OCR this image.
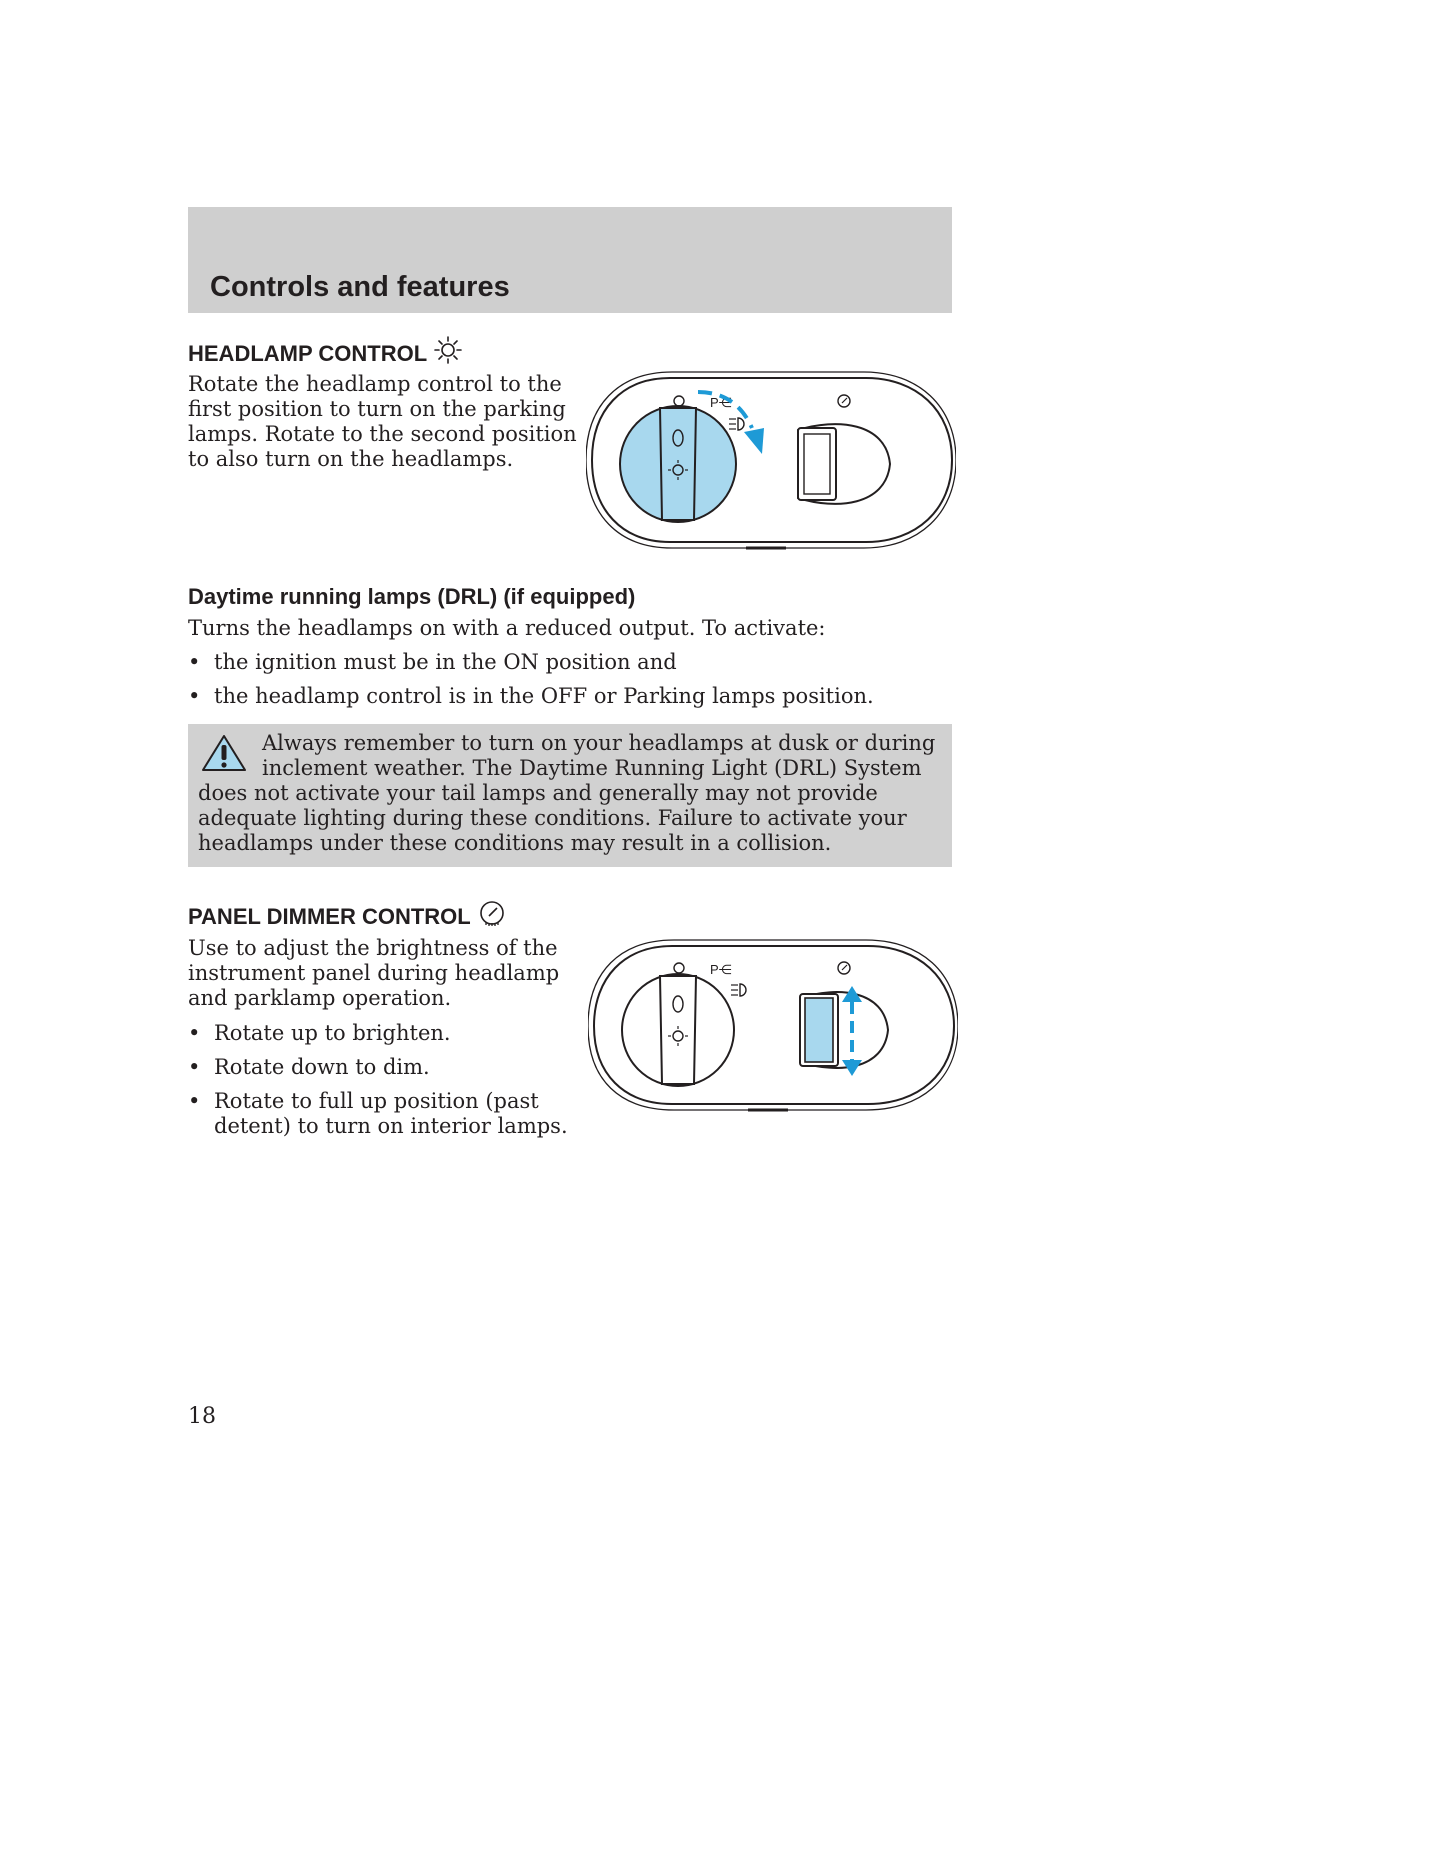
Controls and features
HEADLAMP CONTROL
Rotate the headlamp control to the
first position to turn on the parking
lamps. Rotate to the second position
to also turn on the headlamps.
P⋲
Daytime running lamps (DRL) (if equipped)
Turns the headlamps on with a reduced output. To activate:
• the ignition must be in the ON position and
• the headlamp control is in the OFF or Parking lamps position.
Always remember to turn on your headlamps at dusk or during
inclement weather. The Daytime Running Light (DRL) System
does not activate your tail lamps and generally may not provide
adequate lighting during these conditions. Failure to activate your
headlamps under these conditions may result in a collision.
PANEL DIMMER CONTROL
Use to adjust the brightness of the
instrument panel during headlamp
and parklamp operation.
• Rotate up to brighten.
• Rotate down to dim.
• Rotate to full up position (past
detent) to turn on interior lamps.
P⋲
18
